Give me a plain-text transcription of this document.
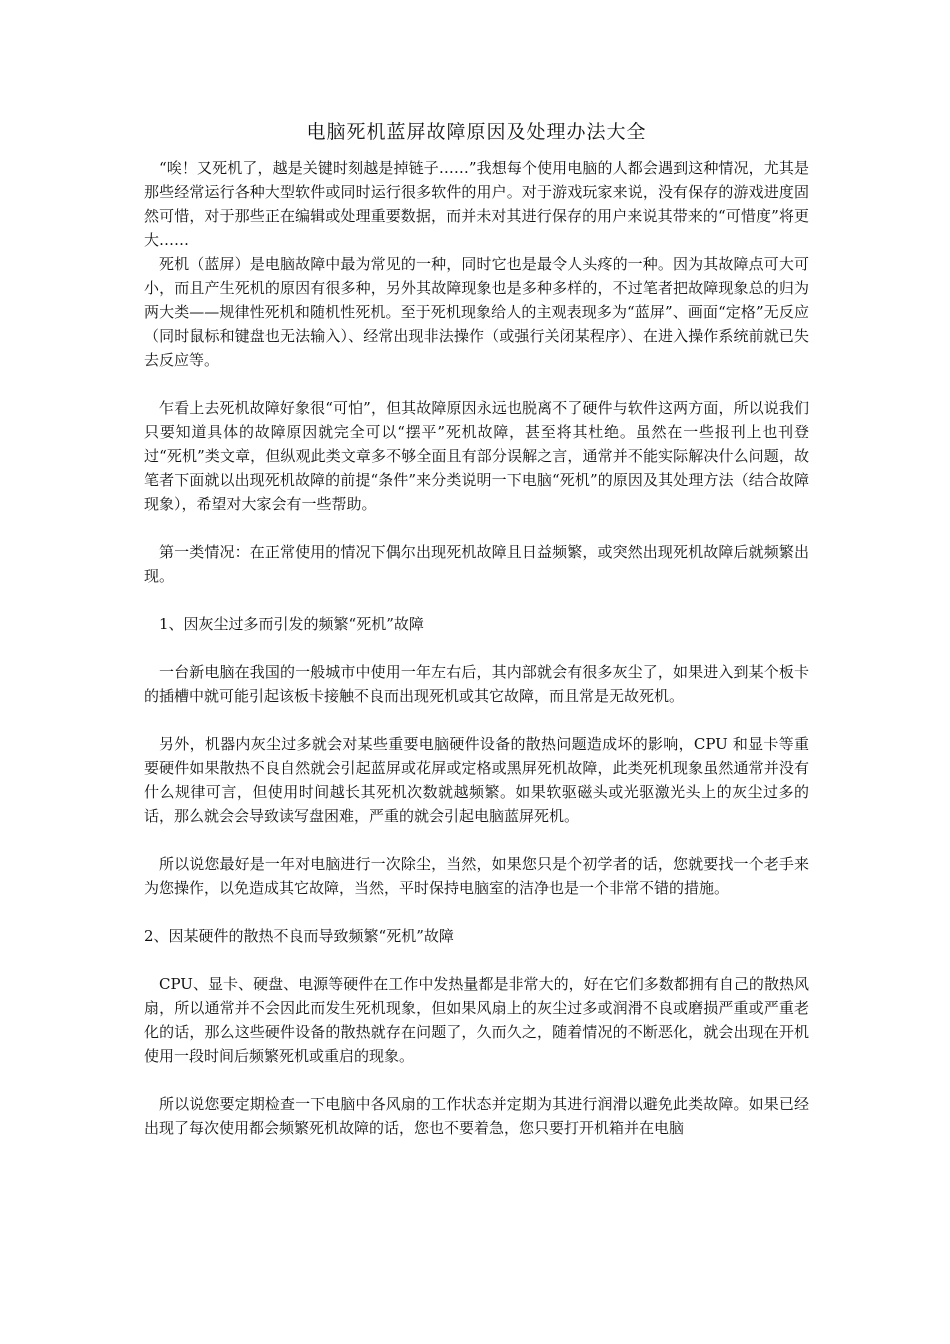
电脑死机蓝屏故障原因及处理办法大全

“唉！又死机了，越是关键时刻越是掉链子……”我想每个使用电脑的人都会遇到这种情况，尤其是那些经常运行各种大型软件或同时运行很多软件的用户。对于游戏玩家来说，没有保存的游戏进度固然可惜，对于那些正在编辑或处理重要数据，而并未对其进行保存的用户来说其带来的“可惜度”将更大……

死机（蓝屏）是电脑故障中最为常见的一种，同时它也是最令人头疼的一种。因为其故障点可大可小，而且产生死机的原因有很多种，另外其故障现象也是多种多样的，不过笔者把故障现象总的归为两大类——规律性死机和随机性死机。至于死机现象给人的主观表现多为“蓝屏”、画面“定格”无反应（同时鼠标和键盘也无法输入）、经常出现非法操作（或强行关闭某程序）、在进入操作系统前就已失去反应等。

乍看上去死机故障好象很“可怕”，但其故障原因永远也脱离不了硬件与软件这两方面，所以说我们只要知道具体的故障原因就完全可以“摆平”死机故障，甚至将其杜绝。虽然在一些报刊上也刊登过“死机”类文章，但纵观此类文章多不够全面且有部分误解之言，通常并不能实际解决什么问题，故笔者下面就以出现死机故障的前提“条件”来分类说明一下电脑“死机”的原因及其处理方法（结合故障现象），希望对大家会有一些帮助。

第一类情况：在正常使用的情况下偶尔出现死机故障且日益频繁，或突然出现死机故障后就频繁出现。

1、因灰尘过多而引发的频繁“死机”故障

一台新电脑在我国的一般城市中使用一年左右后，其内部就会有很多灰尘了，如果进入到某个板卡的插槽中就可能引起该板卡接触不良而出现死机或其它故障，而且常是无故死机。

另外，机器内灰尘过多就会对某些重要电脑硬件设备的散热问题造成坏的影响，CPU 和显卡等重要硬件如果散热不良自然就会引起蓝屏或花屏或定格或黑屏死机故障，此类死机现象虽然通常并没有什么规律可言，但使用时间越长其死机次数就越频繁。如果软驱磁头或光驱激光头上的灰尘过多的话，那么就会会导致读写盘困难，严重的就会引起电脑蓝屏死机。

所以说您最好是一年对电脑进行一次除尘，当然，如果您只是个初学者的话，您就要找一个老手来为您操作，以免造成其它故障，当然，平时保持电脑室的洁净也是一个非常不错的措施。

2、因某硬件的散热不良而导致频繁“死机”故障

CPU、显卡、硬盘、电源等硬件在工作中发热量都是非常大的，好在它们多数都拥有自己的散热风扇，所以通常并不会因此而发生死机现象，但如果风扇上的灰尘过多或润滑不良或磨损严重或严重老化的话，那么这些硬件设备的散热就存在问题了，久而久之，随着情况的不断恶化，就会出现在开机使用一段时间后频繁死机或重启的现象。

所以说您要定期检查一下电脑中各风扇的工作状态并定期为其进行润滑以避免此类故障。如果已经出现了每次使用都会频繁死机故障的话，您也不要着急，您只要打开机箱并在电脑
